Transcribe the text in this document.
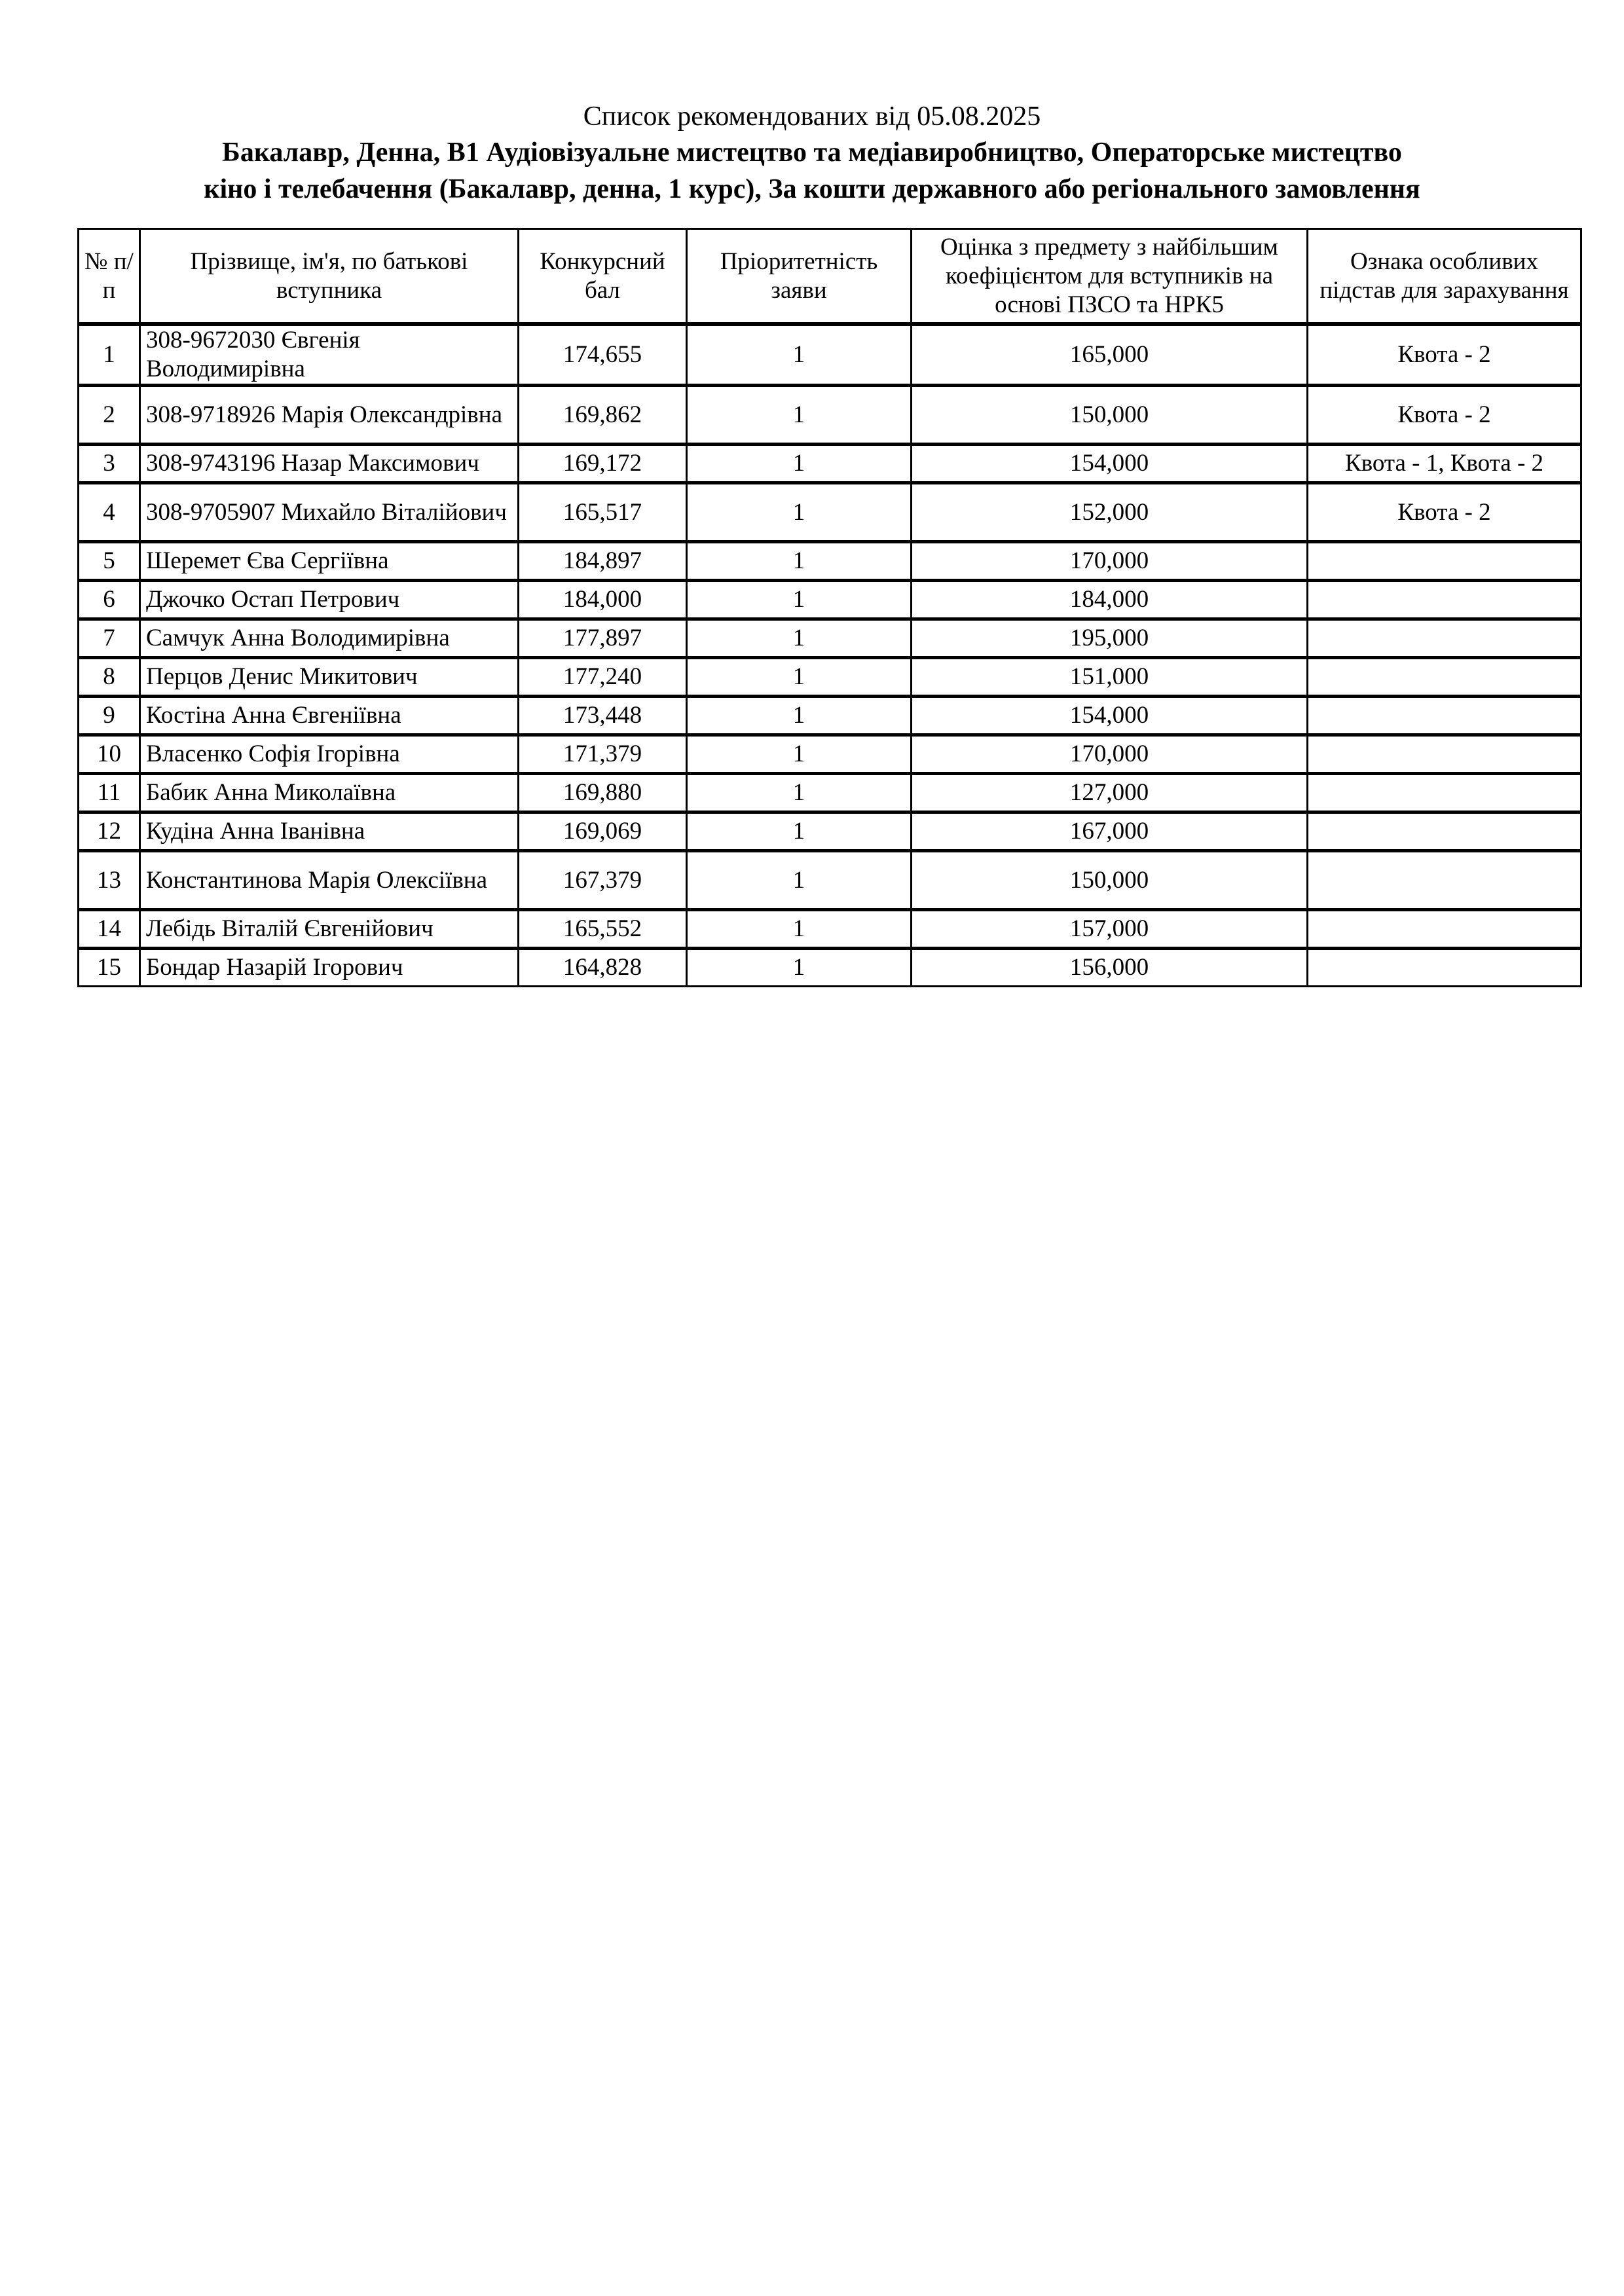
Список рекомендованих від 05.08.2025
Бакалавр, Денна, B1 Аудіовізуальне мистецтво та медіавиробництво, Операторське мистецтво
кіно і телебачення (Бакалавр, денна, 1 курс), За кошти державного або регіонального замовлення
№ п/п	Прізвище, ім'я, по батькові вступника	Конкурсний бал	Пріоритетність заяви	Оцінка з предмету з найбільшим коефіцієнтом для вступників на основі ПЗСО та НРК5	Ознака особливих підстав для зарахування
1	308-9672030 Євгенія Володимирівна	174,655	1	165,000	Квота - 2
2	308-9718926 Марія Олександрівна	169,862	1	150,000	Квота - 2
3	308-9743196 Назар Максимович	169,172	1	154,000	Квота - 1, Квота - 2
4	308-9705907 Михайло Віталійович	165,517	1	152,000	Квота - 2
5	Шеремет Єва Сергіївна	184,897	1	170,000	
6	Джочко Остап Петрович	184,000	1	184,000	
7	Самчук Анна Володимирівна	177,897	1	195,000	
8	Перцов Денис Микитович	177,240	1	151,000	
9	Костіна Анна Євгеніївна	173,448	1	154,000	
10	Власенко Софія Ігорівна	171,379	1	170,000	
11	Бабик Анна Миколаївна	169,880	1	127,000	
12	Кудіна Анна Іванівна	169,069	1	167,000	
13	Константинова Марія Олексіївна	167,379	1	150,000	
14	Лебідь Віталій Євгенійович	165,552	1	157,000	
15	Бондар Назарій Ігорович	164,828	1	156,000	
